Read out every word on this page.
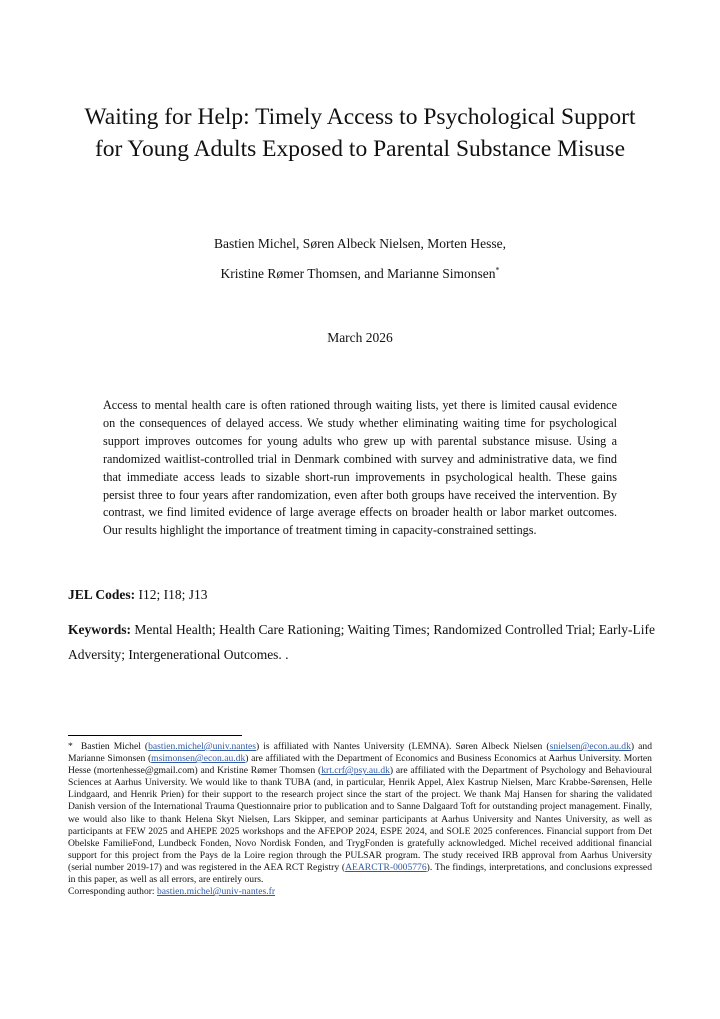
Waiting for Help: Timely Access to Psychological Support
for Young Adults Exposed to Parental Substance Misuse
Bastien Michel, Søren Albeck Nielsen, Morten Hesse,
Kristine Rømer Thomsen, and Marianne Simonsen*
March 2026

Access to mental health care is often rationed through waiting lists, yet there is limited causal evidence on the consequences of delayed access. We study whether eliminating waiting time for psychological support improves outcomes for young adults who grew up with parental substance misuse. Using a randomized waitlist-controlled trial in Denmark combined with survey and administrative data, we find that immediate access leads to sizable short-run improvements in psychological health. These gains persist three to four years after randomization, even after both groups have received the intervention. By contrast, we find limited evidence of large average effects on broader health or labor market outcomes. Our results highlight the importance of treatment timing in capacity-constrained settings.

JEL Codes: I12; I18; J13

Keywords: Mental Health; Health Care Rationing; Waiting Times; Randomized Controlled Trial; Early-Life Adversity; Intergenerational Outcomes. .

* Bastien Michel (bastien.michel@univ.nantes) is affiliated with Nantes University (LEMNA). Søren Albeck Nielsen (snielsen@econ.au.dk) and Marianne Simonsen (msimonsen@econ.au.dk) are affiliated with the Department of Economics and Business Economics at Aarhus University. Morten Hesse (mortenhesse@gmail.com) and Kristine Rømer Thomsen (krt.crf@psy.au.dk) are affiliated with the Department of Psychology and Behavioural Sciences at Aarhus University. We would like to thank TUBA (and, in particular, Henrik Appel, Alex Kastrup Nielsen, Marc Krabbe-Sørensen, Helle Lindgaard, and Henrik Prien) for their support to the research project since the start of the project. We thank Maj Hansen for sharing the validated Danish version of the International Trauma Questionnaire prior to publication and to Sanne Dalgaard Toft for outstanding project management. Finally, we would also like to thank Helena Skyt Nielsen, Lars Skipper, and seminar participants at Aarhus University and Nantes University, as well as participants at FEW 2025 and AHEPE 2025 workshops and the AFEPOP 2024, ESPE 2024, and SOLE 2025 conferences. Financial support from Det Obelske FamilieFond, Lundbeck Fonden, Novo Nordisk Fonden, and TrygFonden is gratefully acknowledged. Michel received additional financial support for this project from the Pays de la Loire region through the PULSAR program. The study received IRB approval from Aarhus University (serial number 2019-17) and was registered in the AEA RCT Registry (AEARCTR-0005776). The findings, interpretations, and conclusions expressed in this paper, as well as all errors, are entirely ours.
Corresponding author: bastien.michel@univ-nantes.fr
